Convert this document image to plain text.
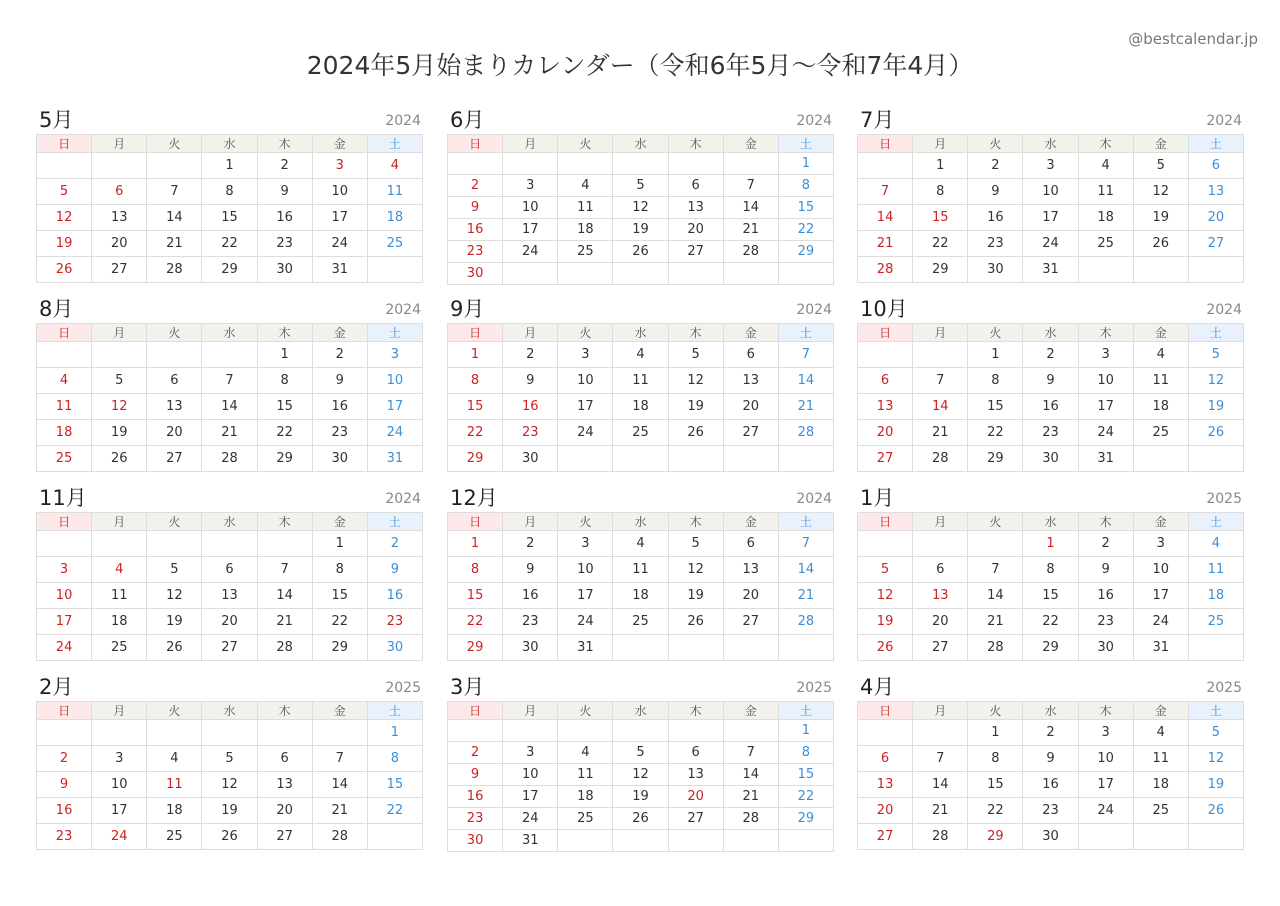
2024年5月始まりカレンダー（令和6年5月〜令和7年4月）
@bestcalendar.jp
5月	2024
日	月	火	水	木	金	土
			1	2	3	4
5	6	7	8	9	10	11
12	13	14	15	16	17	18
19	20	21	22	23	24	25
26	27	28	29	30	31	
6月	2024
日	月	火	水	木	金	土
						1
2	3	4	5	6	7	8
9	10	11	12	13	14	15
16	17	18	19	20	21	22
23	24	25	26	27	28	29
30						
7月	2024
日	月	火	水	木	金	土
	1	2	3	4	5	6
7	8	9	10	11	12	13
14	15	16	17	18	19	20
21	22	23	24	25	26	27
28	29	30	31			
8月	2024
日	月	火	水	木	金	土
				1	2	3
4	5	6	7	8	9	10
11	12	13	14	15	16	17
18	19	20	21	22	23	24
25	26	27	28	29	30	31
9月	2024
日	月	火	水	木	金	土
1	2	3	4	5	6	7
8	9	10	11	12	13	14
15	16	17	18	19	20	21
22	23	24	25	26	27	28
29	30					
10月	2024
日	月	火	水	木	金	土
		1	2	3	4	5
6	7	8	9	10	11	12
13	14	15	16	17	18	19
20	21	22	23	24	25	26
27	28	29	30	31		
11月	2024
日	月	火	水	木	金	土
					1	2
3	4	5	6	7	8	9
10	11	12	13	14	15	16
17	18	19	20	21	22	23
24	25	26	27	28	29	30
12月	2024
日	月	火	水	木	金	土
1	2	3	4	5	6	7
8	9	10	11	12	13	14
15	16	17	18	19	20	21
22	23	24	25	26	27	28
29	30	31				
1月	2025
日	月	火	水	木	金	土
			1	2	3	4
5	6	7	8	9	10	11
12	13	14	15	16	17	18
19	20	21	22	23	24	25
26	27	28	29	30	31	
2月	2025
日	月	火	水	木	金	土
						1
2	3	4	5	6	7	8
9	10	11	12	13	14	15
16	17	18	19	20	21	22
23	24	25	26	27	28	
3月	2025
日	月	火	水	木	金	土
						1
2	3	4	5	6	7	8
9	10	11	12	13	14	15
16	17	18	19	20	21	22
23	24	25	26	27	28	29
30	31					
4月	2025
日	月	火	水	木	金	土
		1	2	3	4	5
6	7	8	9	10	11	12
13	14	15	16	17	18	19
20	21	22	23	24	25	26
27	28	29	30			
